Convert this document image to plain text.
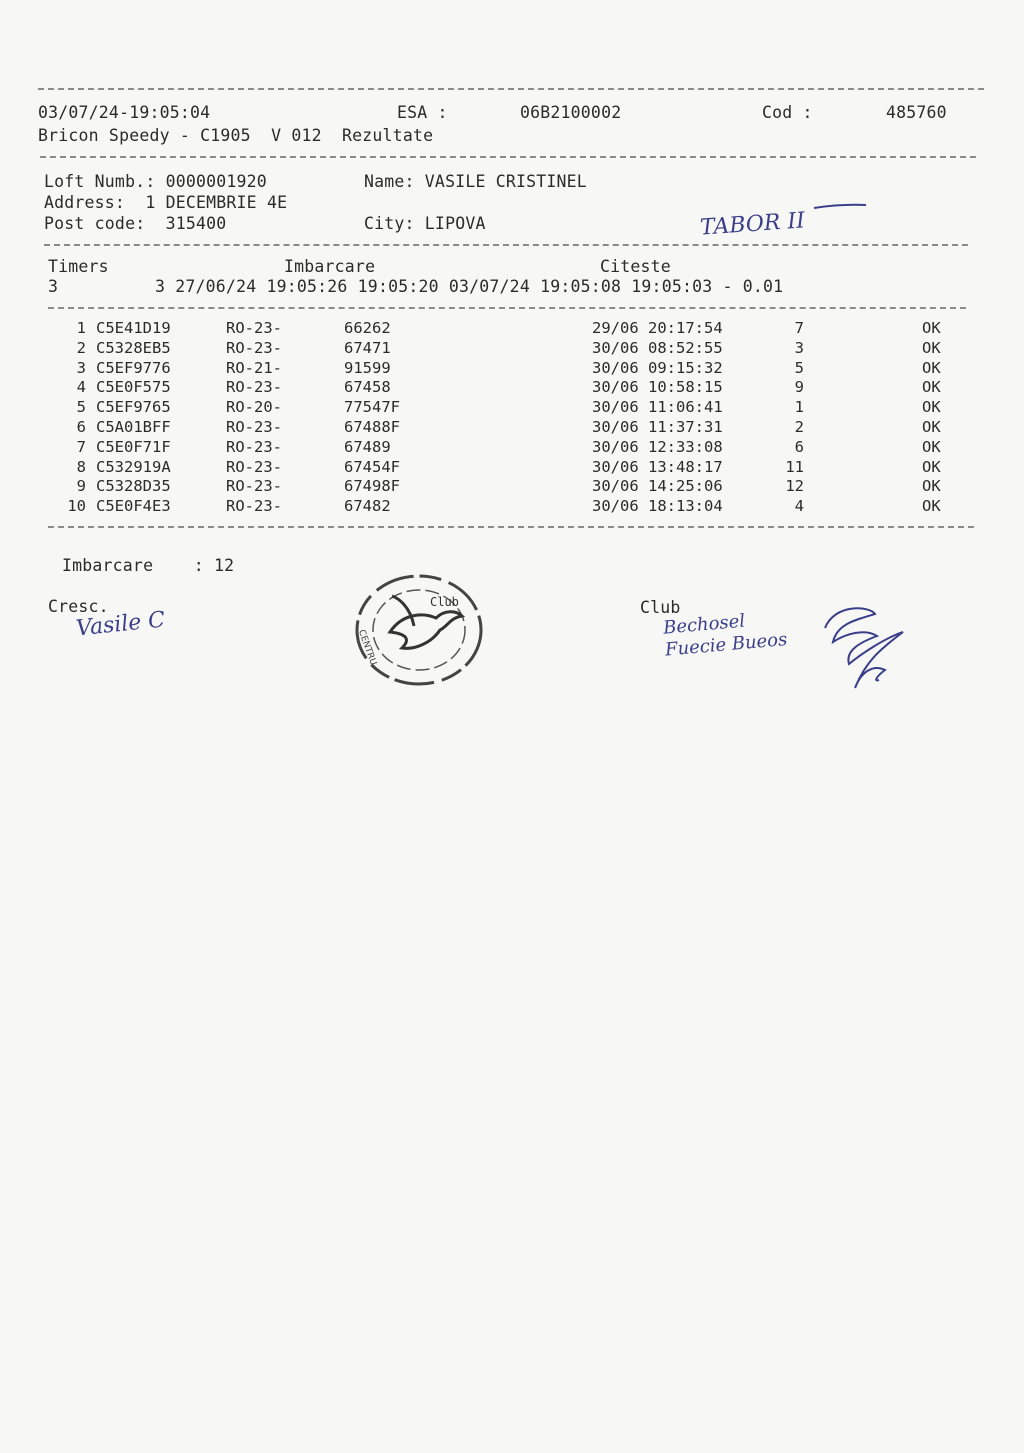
03/07/24-19:05:04	ESA :	06B2100002	Cod :	485760
Bricon Speedy - C1905  V 012  Rezultate
Loft Numb.: 0000001920	Name: VASILE CRISTINEL
Address:  1 DECEMBRIE 4E
Post code:  315400	City: LIPOVA	TABOR II
Timers	Imbarcare	Citeste
3	3 27/06/24 19:05:26 19:05:20 03/07/24 19:05:08 19:05:03 - 0.01
1 C5E41D19	RO-23-	66262	29/06 20:17:54	7	OK
2 C5328EB5	RO-23-	67471	30/06 08:52:55	3	OK
3 C5EF9776	RO-21-	91599	30/06 09:15:32	5	OK
4 C5E0F575	RO-23-	67458	30/06 10:58:15	9	OK
5 C5EF9765	RO-20-	77547F	30/06 11:06:41	1	OK
6 C5A01BFF	RO-23-	67488F	30/06 11:37:31	2	OK
7 C5E0F71F	RO-23-	67489	30/06 12:33:08	6	OK
8 C532919A	RO-23-	67454F	30/06 13:48:17	11	OK
9 C5328D35	RO-23-	67498F	30/06 14:25:06	12	OK
10 C5E0F4E3	RO-23-	67482	30/06 18:13:04	4	OK
Imbarcare    : 12
Cresc.
Vasile C	Club
Bechosel Fuecie Bueos
Club
CENTRU
